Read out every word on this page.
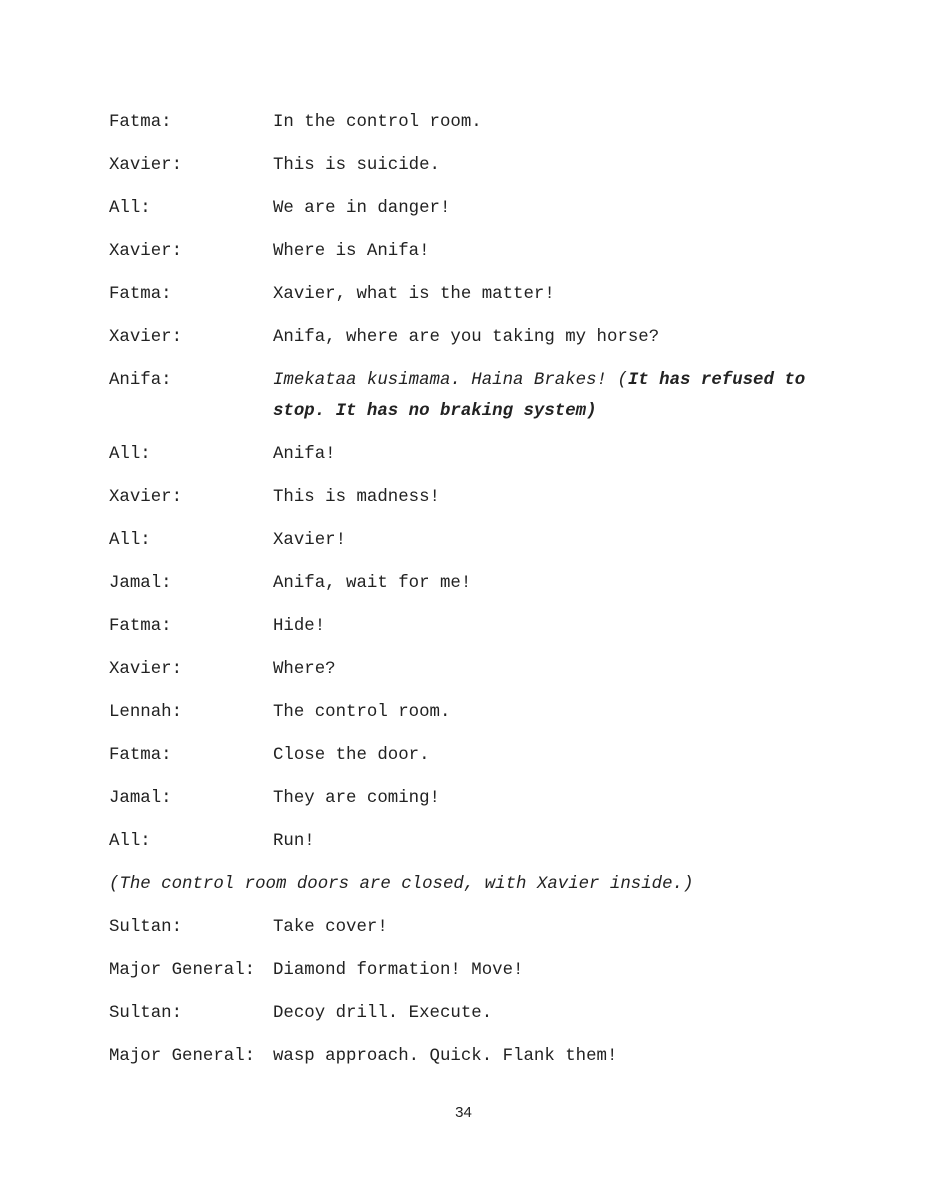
Fatma:	In the control room.
Xavier:	This is suicide.
All:	We are in danger!
Xavier:	Where is Anifa!
Fatma:	Xavier, what is the matter!
Xavier:	Anifa, where are you taking my horse?
Anifa:	Imekataa kusimama. Haina Brakes! (It has refused to stop. It has no braking system)
All:	Anifa!
Xavier:	This is madness!
All:	Xavier!
Jamal:	Anifa, wait for me!
Fatma:	Hide!
Xavier:	Where?
Lennah:	The control room.
Fatma:	Close the door.
Jamal:	They are coming!
All:	Run!
(The control room doors are closed, with Xavier inside.)
Sultan:	Take cover!
Major General:	Diamond formation! Move!
Sultan:	Decoy drill. Execute.
Major General:	wasp approach. Quick. Flank them!
34
